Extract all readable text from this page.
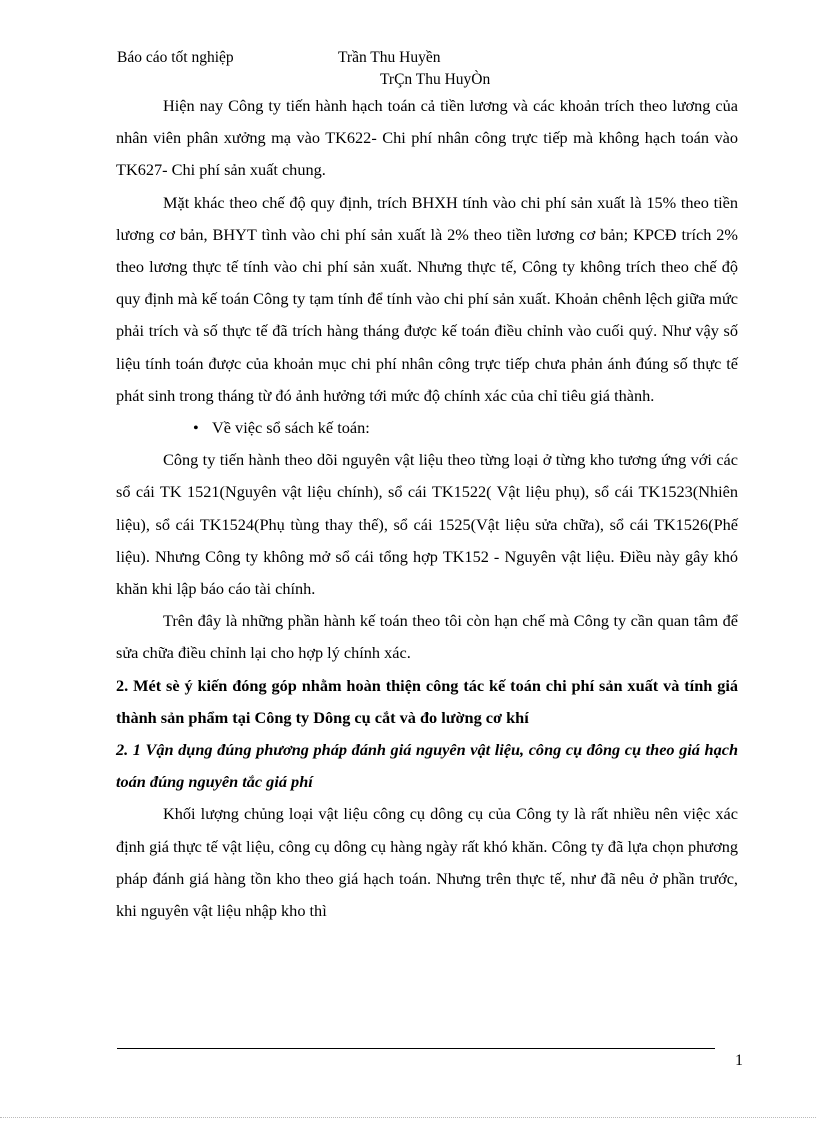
Báo cáo tốt nghiệp	Trần Thu Huyền
TrÇn Thu HuyÒn

Hiện nay Công ty tiến hành hạch toán cả tiền lương và các khoản trích theo lương của nhân viên phân xưởng mạ vào TK622- Chi phí nhân công trực tiếp mà không hạch toán vào TK627- Chi phí sản xuất chung.

Mặt khác theo chế độ quy định, trích BHXH tính vào chi phí sản xuất là 15% theo tiền lương cơ bản, BHYT tình vào chi phí sản xuất là 2% theo tiền lương cơ bản; KPCĐ trích 2% theo lương thực tế tính vào chi phí sản xuất. Nhưng thực tế, Công ty không trích theo chế độ quy định mà kế toán Công ty tạm tính để tính vào chi phí sản xuất. Khoản chênh lệch giữa mức phải trích và số thực tế đã trích hàng tháng được kế toán điều chỉnh vào cuối quý. Như vậy số liệu tính toán được của khoản mục chi phí nhân công trực tiếp chưa phản ánh đúng số thực tế phát sinh trong tháng từ đó ảnh hưởng tới mức độ chính xác của chỉ tiêu giá thành.

• Về việc sổ sách kế toán:

Công ty tiến hành theo dõi nguyên vật liệu theo từng loại ở từng kho tương ứng với các sổ cái TK 1521(Nguyên vật liệu chính), sổ cái TK1522( Vật liệu phụ), sổ cái TK1523(Nhiên liệu), sổ cái TK1524(Phụ tùng thay thế), sổ cái 1525(Vật liệu sửa chữa), sổ cái TK1526(Phế liệu). Nhưng Công ty không mở sổ cái tổng hợp TK152 - Nguyên vật liệu. Điều này gây khó khăn khi lập báo cáo tài chính.

Trên đây là những phần hành kế toán theo tôi còn hạn chế mà Công ty cần quan tâm để sửa chữa điều chỉnh lại cho hợp lý chính xác.

2. Mét sè ý kiến đóng góp nhằm hoàn thiện công tác kế toán chi phí sản xuất và tính giá thành sản phẩm tại Công ty Dông cụ cắt và đo lường cơ khí

2. 1 Vận dụng đúng phương pháp đánh giá nguyên vật liệu, công cụ đông cụ theo giá hạch toán đúng nguyên tắc giá phí

Khối lượng chủng loại vật liệu công cụ dông cụ của Công ty là rất nhiều nên việc xác định giá thực tế vật liệu, công cụ dông cụ hàng ngày rất khó khăn. Công ty đã lựa chọn phương pháp đánh giá hàng tồn kho theo giá hạch toán. Nhưng trên thực tế, như đã nêu ở phần trước, khi nguyên vật liệu nhập kho thì

1
